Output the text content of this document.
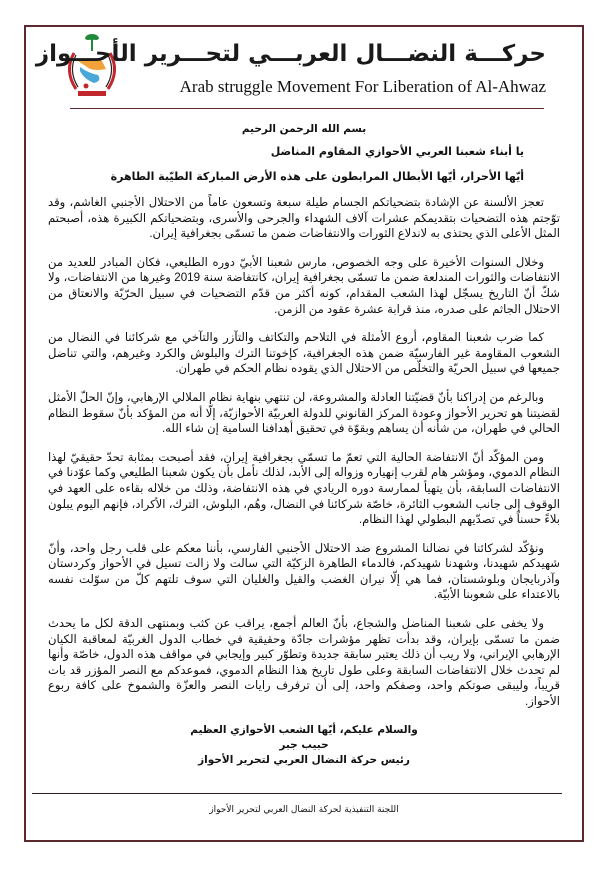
حركـــة النضـــال العربـــي لتحـــرير الأحـــواز
Arab struggle Movement For Liberation of Al-Ahwaz
بسم الله الرحمن الرحيم
يا أبناء شعبنا العربي الأحوازي المقاوم المناضل
أيّها الأحرار، أيّها الأبطال المرابطون على هذه الأرض المباركة الطيّبة الطاهرة

تعجز الألسنة عن الإشادة بتضحياتكم الجسام طيلة سبعة وتسعون عاماً من الاحتلال الأجنبي الغاشم، وقد توّجتم هذه التضحيات بتقديمكم عشرات آلاف الشهداء والجرحى والأسرى، وبتضحياتكم الكبيرة هذه، أصبحتم المثل الأعلى الذي يحتذى به لاندلاع الثورات والانتفاضات ضمن ما تسمّى بجغرافية إيران.

وخلال السنوات الأخيرة على وجه الخصوص، مارس شعبنا الأبيّ دوره الطليعي، فكان المبادر للعديد من الانتفاضات والثورات المندلعة ضمن ما تسمّى بجغرافية إيران، كانتفاضة سنة 2019 وغيرها من الانتفاضات، ولا شكّ أنّ التاريخ يسجّل لهذا الشعب المقدام، كونه أكثر من قدّم التضحيات في سبيل الحرّيّة والانعتاق من الاحتلال الجاثم على صدره، منذ قرابة عشرة عقود من الزمن.

كما ضرب شعبنا المقاوم، أروع الأمثلة في التلاحم والتكاتف والتآزر والتآخي مع شركائنا في النضال من الشعوب المقاومة غير الفارسيّة ضمن هذه الجغرافية، كإخوتنا الترك والبلوش والكرد وغيرهم، والتي تناضل جميعها في سبيل الحريّة والتخلّص من الاحتلال الذي يقوده نظام الحكم في طهران.

وبالرغم من إدراكنا بأنّ قضيّتنا العادلة والمشروعة، لن تنتهي بنهاية نظام الملالي الإرهابي، وإنّ الحلّ الأمثل لقضيتنا هو تحرير الأحواز وعودة المركز القانوني للدولة العربيّة الأحوازيّة، إلّا أنه من المؤكد بأنّ سقوط النظام الحالي في طهران، من شأنه أن يساهم وبقوّة في تحقيق أهدافنا السامية إن شاء الله.

ومن المؤكّد أنّ الانتفاضة الحالية التي تعمّ ما تسمّي بجغرافية إيران، فقد أصبحت بمثابة تحدّ حقيقيّ لهذا النظام الدموي، ومؤشر هام لقرب إنهياره وزواله إلى الأبد، لذلك نأمل بأن يكون شعبنا الطليعي وكما عوّدنا في الانتفاضات السابقة، بأن يتهيأ لممارسة دوره الريادي في هذه الانتفاضة، وذلك من خلاله بقاءه على العهد في الوقوف إلى جانب الشعوب الثائرة، خاصّة شركائنا في النضال، وهُم، البلوش، الترك، الأكراد، فإنهم اليوم يبلون بلاءً حسناً في تصدّيهم البطولي لهذا النظام.

ونؤكّد لشركائنا في نضالنا المشروع ضد الاحتلال الأجنبي الفارسي، بأننا معكم على قلب رجل واحد، وأنّ شهيدكم شهيدنا، وشهدنا شهيدكم، فالدماء الطاهرة الزكيّة التي سالت ولا زالت تسيل في الأحواز وكردستان وآذربايجان وبلوشستان، فما هي إلّا نيران الغضب والقيل والغليان التي سوف تلتهم كلّ من سوّلت نفسه بالاعتداء على شعوبنا الأبيّة.

ولا يخفى على شعبنا المناضل والشجاع، بأنّ العالم أجمع، يراقب عن كثب وبمنتهى الدقة لكل ما يحدث ضمن ما تسمّى بإيران، وقد بدأت تظهر مؤشرات جادّة وحقيقية في خطاب الدول الغربيّة لمعاقبة الكيان الإرهابي الإيراني، ولا ريب أن ذلك يعتبر سابقة جديدة وتطوّر كبير وإيجابي في مواقف هذه الدول، خاصّة وأنها لم تحدث خلال الانتفاضات السابقة وعلى طول تاريخ هذا النظام الدموي، فموعدكم مع النصر المؤزر قد بات قريباً، وليبقى صوتكم واحد، وصفكم واحد، إلى أن ترفرف رايات النصر والعزّة والشموخ على كافة ربوع الأحواز.

والسلام عليكم، أيّها الشعب الأحوازي العظيم
حبيب جبر
رئيس حركة النضال العربي لتحرير الأحواز
اللجنة التنفيذية لحركة النضال العربي لتحرير الأحواز
